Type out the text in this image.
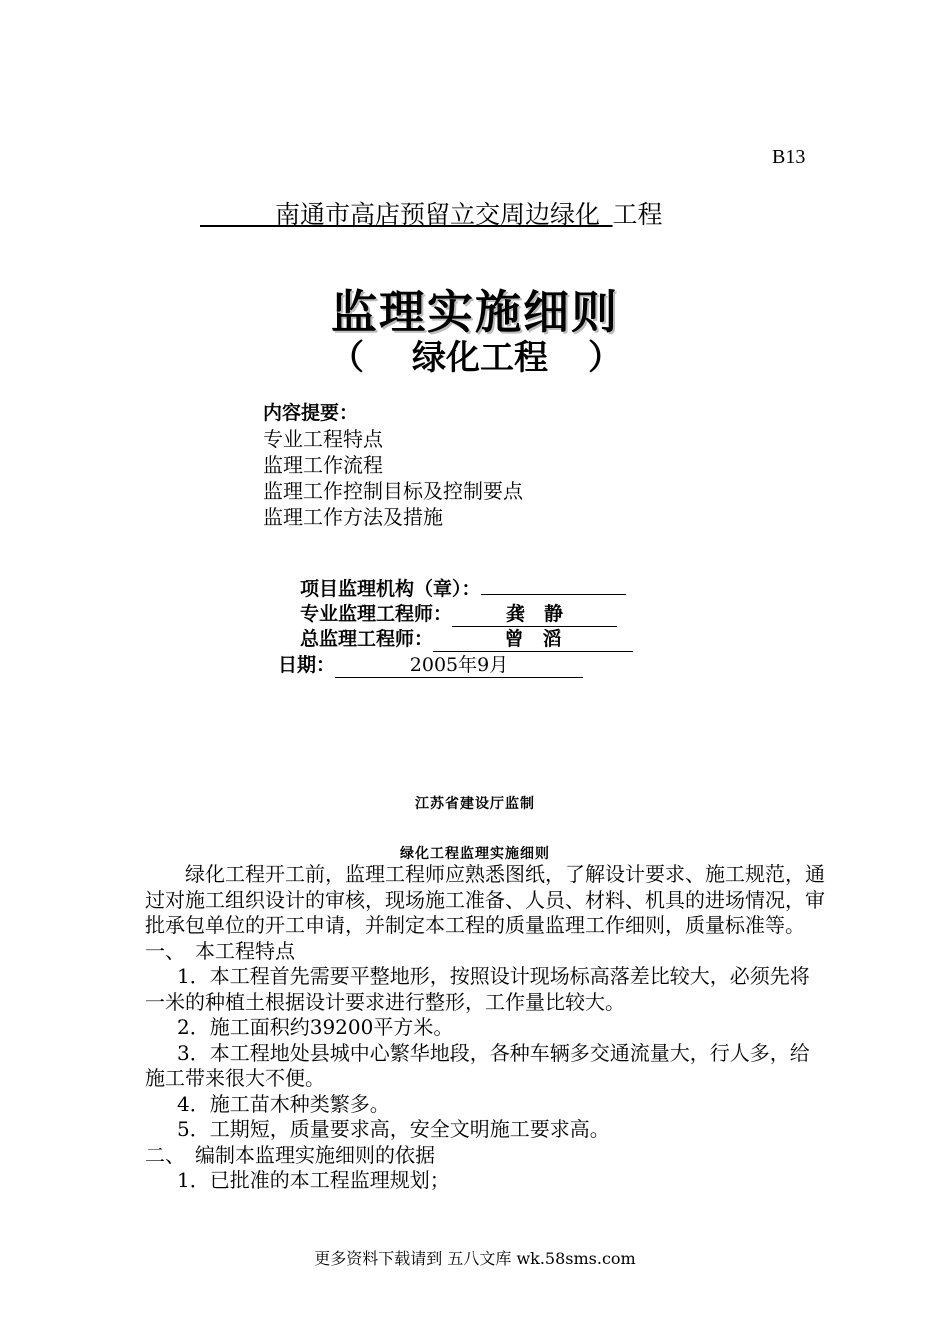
B13
　　　南通市高店预留立交周边绿化  工程
监理实施细则
（ 绿化工程 ）
内容提要：
专业工程特点
监理工作流程
监理工作控制目标及控制要点
监理工作方法及措施
项目监理机构（章）：
专业监理工程师：	龚　静
总监理工程师：	曾　滔
日期：	2005年9月
江苏省建设厅监制
绿化工程监理实施细则

绿化工程开工前，监理工程师应熟悉图纸，了解设计要求、施工规范，通过对施工组织设计的审核，现场施工准备、人员、材料、机具的进场情况，审批承包单位的开工申请，并制定本工程的质量监理工作细则，质量标准等。

一、　本工程特点

1．本工程首先需要平整地形，按照设计现场标高落差比较大，必须先将一米的种植土根据设计要求进行整形，工作量比较大。

2．施工面积约39200平方米。

3．本工程地处县城中心繁华地段，各种车辆多交通流量大，行人多，给施工带来很大不便。

4．施工苗木种类繁多。

5．工期短，质量要求高，安全文明施工要求高。

二、　编制本监理实施细则的依据

1．已批准的本工程监理规划；

更多资料下载请到 五八文库 wk.58sms.com
